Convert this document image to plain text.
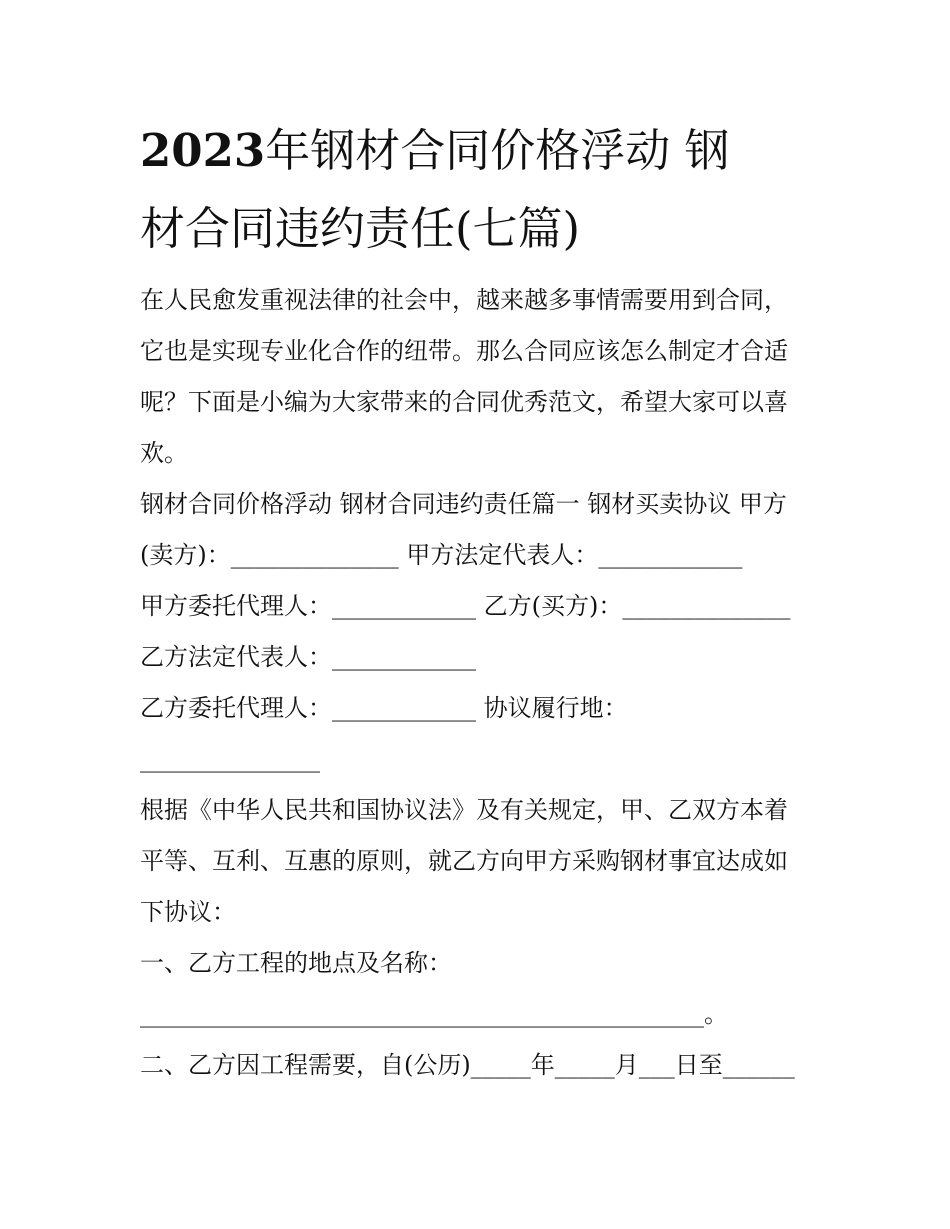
2023年钢材合同价格浮动 钢
材合同违约责任(七篇)

在人民愈发重视法律的社会中，越来越多事情需要用到合同，
它也是实现专业化合作的纽带。那么合同应该怎么制定才合适
呢？下面是小编为大家带来的合同优秀范文，希望大家可以喜
欢。

钢材合同价格浮动 钢材合同违约责任篇一 钢材买卖协议 甲方
(卖方)：______________ 甲方法定代表人：____________
甲方委托代理人：____________ 乙方(买方)：______________
乙方法定代表人：____________
乙方委托代理人：____________ 协议履行地：
_______________
根据《中华人民共和国协议法》及有关规定，甲、乙双方本着
平等、互利、互惠的原则，就乙方向甲方采购钢材事宜达成如
下协议：
一、乙方工程的地点及名称：
_______________________________________________。
二、乙方因工程需要，自(公历)_____年_____月___日至______
